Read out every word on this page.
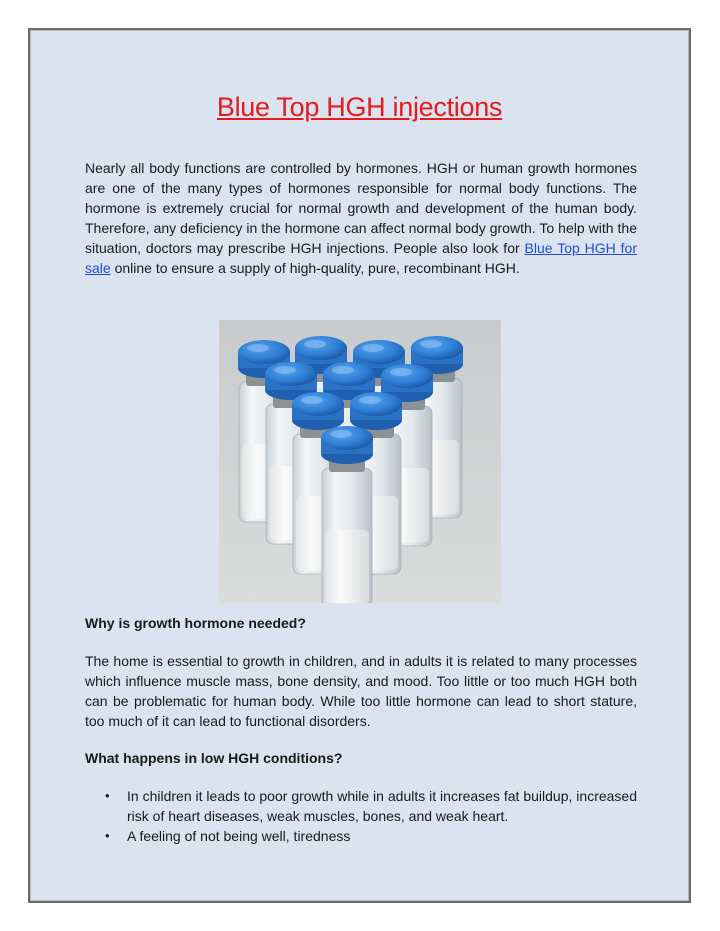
Blue Top HGH injections

Nearly all body functions are controlled by hormones. HGH or human growth hormones are one of the many types of hormones responsible for normal body functions. The hormone is extremely crucial for normal growth and development of the human body. Therefore, any deficiency in the hormone can affect normal body growth. To help with the situation, doctors may prescribe HGH injections. People also look for Blue Top HGH for sale online to ensure a supply of high-quality, pure, recombinant HGH.

Why is growth hormone needed?

The home is essential to growth in children, and in adults it is related to many processes which influence muscle mass, bone density, and mood. Too little or too much HGH both can be problematic for human body. While too little hormone can lead to short stature, too much of it can lead to functional disorders.

What happens in low HGH conditions?

• In children it leads to poor growth while in adults it increases fat buildup, increased risk of heart diseases, weak muscles, bones, and weak heart.
• A feeling of not being well, tiredness
